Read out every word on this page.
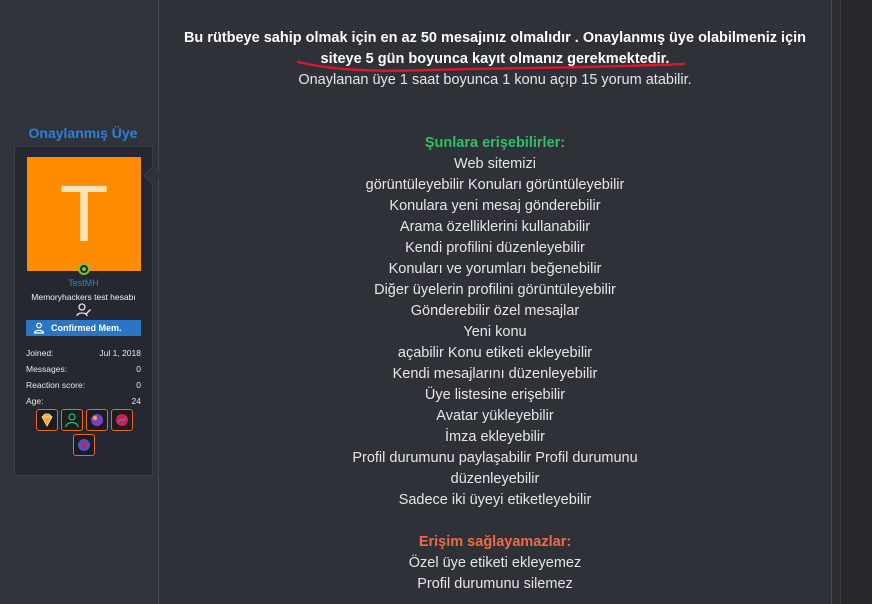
Onaylanmış Üye
T
TestMH
Memoryhackers test hesabı
Confirmed Mem.
Joined:	Jul 1, 2018
Messages:	0
Reaction score:	0
Age:	24
Bu rütbeye sahip olmak için en az 50 mesajınız olmalıdır . Onaylanmış üye olabilmeniz için
siteye 5 gün boyunca kayıt olmanız gerekmektedir.
Onaylanan üye 1 saat boyunca 1 konu açıp 15 yorum atabilir.
Şunlara erişebilirler:
Web sitemizi
görüntüleyebilir Konuları görüntüleyebilir
Konulara yeni mesaj gönderebilir
Arama özelliklerini kullanabilir
Kendi profilini düzenleyebilir
Konuları ve yorumları beğenebilir
Diğer üyelerin profilini görüntüleyebilir
Gönderebilir özel mesajlar
Yeni konu
açabilir Konu etiketi ekleyebilir
Kendi mesajlarını düzenleyebilir
Üye listesine erişebilir
Avatar yükleyebilir
İmza ekleyebilir
Profil durumunu paylaşabilir Profil durumunu
düzenleyebilir
Sadece iki üyeyi etiketleyebilir
Erişim sağlayamazlar:
Özel üye etiketi ekleyemez
Profil durumunu silemez
